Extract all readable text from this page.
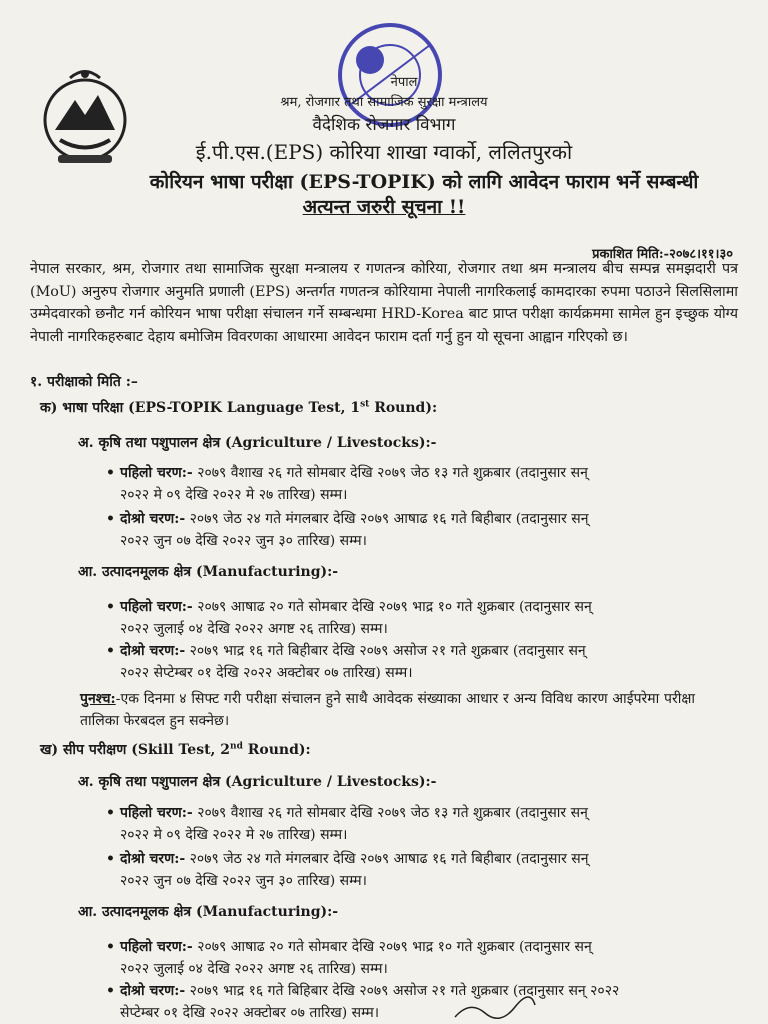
नेपाल
श्रम, रोजगार तथा सामाजिक सुरक्षा मन्त्रालय
वैदेशिक रोजगार विभाग
ई.पी.एस.(EPS) कोरिया शाखा ग्वार्को, ललितपुरको
कोरियन भाषा परीक्षा (EPS-TOPIK) को लागि आवेदन फाराम भर्ने सम्बन्धी
अत्यन्त जरुरी सूचना !!
प्रकाशित मिति:-२०७८।११।३०
नेपाल सरकार, श्रम, रोजगार तथा सामाजिक सुरक्षा मन्त्रालय र गणतन्त्र कोरिया, रोजगार तथा श्रम मन्त्रालय बीच सम्पन्न समझदारी पत्र (MoU) अनुरुप रोजगार अनुमति प्रणाली (EPS) अन्तर्गत गणतन्त्र कोरियामा नेपाली नागरिकलाई कामदारका रुपमा पठाउने सिलसिलामा उम्मेदवारको छनौट गर्न कोरियन भाषा परीक्षा संचालन गर्ने सम्बन्धमा HRD-Korea बाट प्राप्त परीक्षा कार्यक्रममा सामेल हुन इच्छुक योग्य नेपाली नागरिकहरुबाट देहाय बमोजिम विवरणका आधारमा आवेदन फाराम दर्ता गर्नु हुन यो सूचना आह्वान गरिएको छ।
१. परीक्षाको मिति :–
क) भाषा परिक्षा (EPS-TOPIK Language Test, 1st Round):
अ. कृषि तथा पशुपालन क्षेत्र (Agriculture / Livestocks):-
• पहिलो चरण:- २०७९ वैशाख २६ गते सोमबार देखि २०७९ जेठ १३ गते शुक्रबार (तदानुसार सन्
२०२२ मे ०९ देखि २०२२ मे २७ तारिख) सम्म।
• दोश्रो चरण:- २०७९ जेठ २४ गते मंगलबार देखि २०७९ आषाढ १६ गते बिहीबार (तदानुसार सन्
२०२२ जुन ०७ देखि २०२२ जुन ३० तारिख) सम्म।
आ. उत्पादनमूलक क्षेत्र (Manufacturing):-
• पहिलो चरण:- २०७९ आषाढ २० गते सोमबार देखि २०७९ भाद्र १० गते शुक्रबार (तदानुसार सन्
२०२२ जुलाई ०४ देखि २०२२ अगष्ट २६ तारिख) सम्म।
• दोश्रो चरण:- २०७९ भाद्र १६ गते बिहीबार देखि २०७९ असोज २१ गते शुक्रबार (तदानुसार सन्
२०२२ सेप्टेम्बर ०१ देखि २०२२ अक्टोबर ०७ तारिख) सम्म।
पुनश्च:-एक दिनमा ४ सिफ्ट गरी परीक्षा संचालन हुने साथै आवेदक संख्याका आधार र अन्य विविध कारण आईपरेमा परीक्षा तालिका फेरबदल हुन सक्नेछ।
ख) सीप परीक्षण (Skill Test, 2nd Round):
अ. कृषि तथा पशुपालन क्षेत्र (Agriculture / Livestocks):-
• पहिलो चरण:- २०७९ वैशाख २६ गते सोमबार देखि २०७९ जेठ १३ गते शुक्रबार (तदानुसार सन्
२०२२ मे ०९ देखि २०२२ मे २७ तारिख) सम्म।
• दोश्रो चरण:- २०७९ जेठ २४ गते मंगलबार देखि २०७९ आषाढ १६ गते बिहीबार (तदानुसार सन्
२०२२ जुन ०७ देखि २०२२ जुन ३० तारिख) सम्म।
आ. उत्पादनमूलक क्षेत्र (Manufacturing):-
• पहिलो चरण:- २०७९ आषाढ २० गते सोमबार देखि २०७९ भाद्र १० गते शुक्रबार (तदानुसार सन्
२०२२ जुलाई ०४ देखि २०२२ अगष्ट २६ तारिख) सम्म।
• दोश्रो चरण:- २०७९ भाद्र १६ गते बिहिबार देखि २०७९ असोज २१ गते शुक्रबार (तदानुसार सन् २०२२
सेप्टेम्बर ०१ देखि २०२२ अक्टोबर ०७ तारिख) सम्म।
